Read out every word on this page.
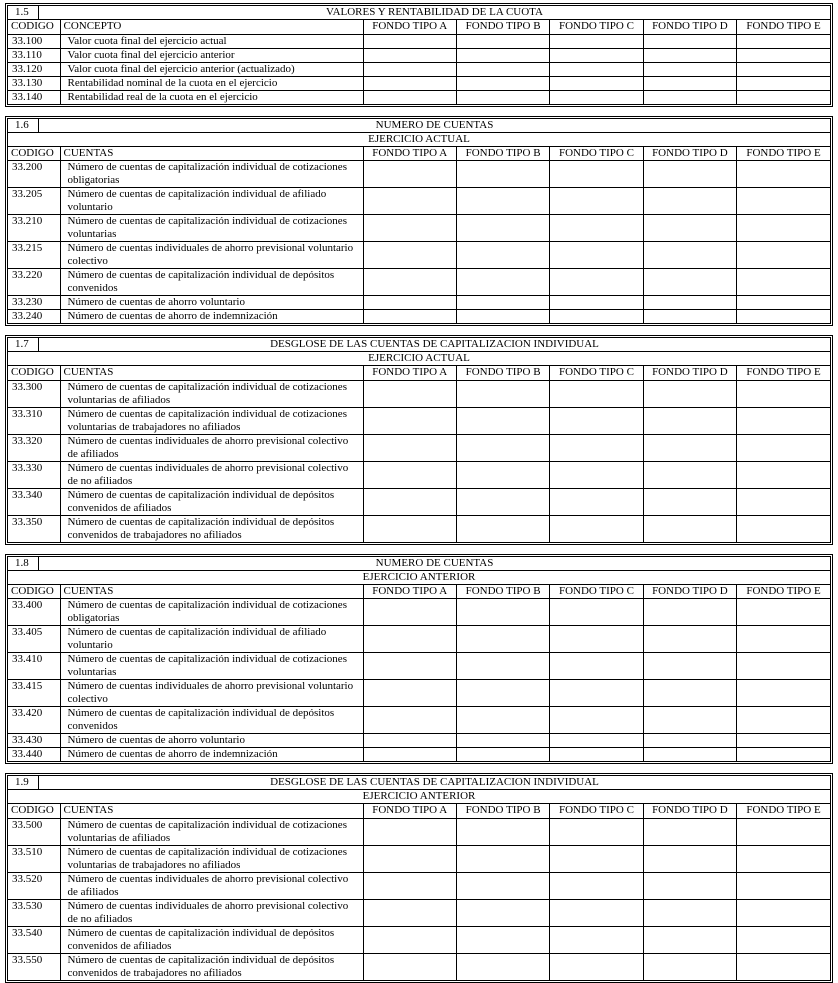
1.5	VALORES Y RENTABILIDAD DE LA CUOTA
CODIGO	CONCEPTO	FONDO TIPO A	FONDO TIPO B	FONDO TIPO C	FONDO TIPO D	FONDO TIPO E
33.100	Valor cuota final del ejercicio actual					
33.110	Valor cuota final del ejercicio anterior					
33.120	Valor cuota final del ejercicio anterior (actualizado)					
33.130	Rentabilidad nominal de la cuota en el ejercicio					
33.140	Rentabilidad real de la cuota en el ejercicio					
1.6	NUMERO DE CUENTAS
EJERCICIO ACTUAL
CODIGO	CUENTAS	FONDO TIPO A	FONDO TIPO B	FONDO TIPO C	FONDO TIPO D	FONDO TIPO E
33.200	Número de cuentas de capitalización individual de cotizaciones obligatorias					
33.205	Número de cuentas de capitalización individual de afiliado voluntario					
33.210	Número de cuentas de capitalización individual de cotizaciones voluntarias					
33.215	Número de cuentas individuales de ahorro previsional voluntario colectivo					
33.220	Número de cuentas de capitalización individual de depósitos convenidos					
33.230	Número de cuentas de ahorro voluntario					
33.240	Número de cuentas de ahorro de indemnización					
1.7	DESGLOSE DE LAS CUENTAS DE CAPITALIZACION INDIVIDUAL
EJERCICIO ACTUAL
CODIGO	CUENTAS	FONDO TIPO A	FONDO TIPO B	FONDO TIPO C	FONDO TIPO D	FONDO TIPO E
33.300	Número de cuentas de capitalización individual de cotizaciones voluntarias de afiliados					
33.310	Número de cuentas de capitalización individual de cotizaciones voluntarias de trabajadores no afiliados					
33.320	Número de cuentas individuales de ahorro previsional colectivo de afiliados					
33.330	Número de cuentas individuales de ahorro previsional colectivo de no afiliados					
33.340	Número de cuentas de capitalización individual de depósitos convenidos de afiliados					
33.350	Número de cuentas de capitalización individual de depósitos convenidos de trabajadores no afiliados					
1.8	NUMERO DE CUENTAS
EJERCICIO ANTERIOR
CODIGO	CUENTAS	FONDO TIPO A	FONDO TIPO B	FONDO TIPO C	FONDO TIPO D	FONDO TIPO E
33.400	Número de cuentas de capitalización individual de cotizaciones obligatorias					
33.405	Número de cuentas de capitalización individual de afiliado voluntario					
33.410	Número de cuentas de capitalización individual de cotizaciones voluntarias					
33.415	Número de cuentas individuales de ahorro previsional voluntario colectivo					
33.420	Número de cuentas de capitalización individual de depósitos convenidos					
33.430	Número de cuentas de ahorro voluntario					
33.440	Número de cuentas de ahorro de indemnización					
1.9	DESGLOSE DE LAS CUENTAS DE CAPITALIZACION INDIVIDUAL
EJERCICIO ANTERIOR
CODIGO	CUENTAS	FONDO TIPO A	FONDO TIPO B	FONDO TIPO C	FONDO TIPO D	FONDO TIPO E
33.500	Número de cuentas de capitalización individual de cotizaciones voluntarias de afiliados					
33.510	Número de cuentas de capitalización individual de cotizaciones voluntarias de trabajadores no afiliados					
33.520	Número de cuentas individuales de ahorro previsional colectivo de afiliados					
33.530	Número de cuentas individuales de ahorro previsional colectivo de no afiliados					
33.540	Número de cuentas de capitalización individual de depósitos convenidos de afiliados					
33.550	Número de cuentas de capitalización individual de depósitos convenidos de trabajadores no afiliados					
